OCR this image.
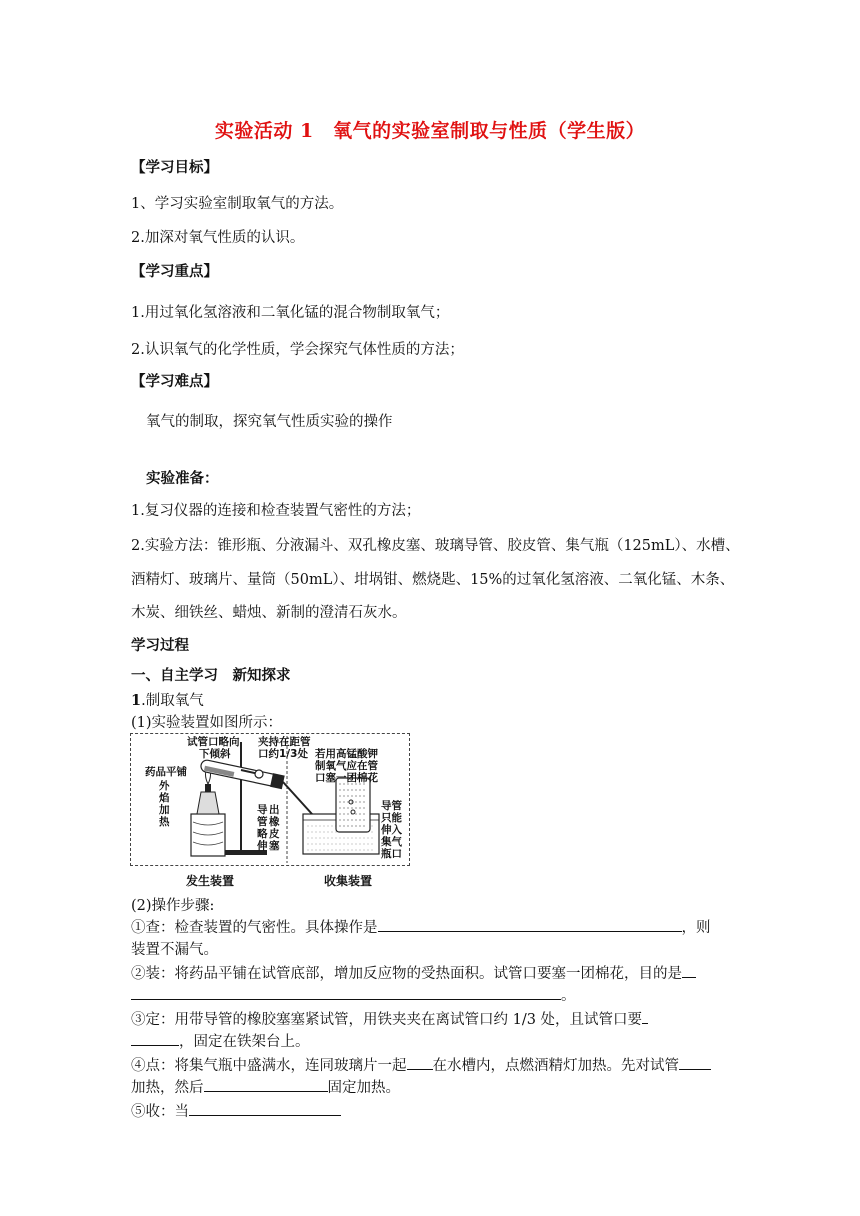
实验活动 1　氧气的实验室制取与性质（学生版）
【学习目标】
1、学习实验室制取氧气的方法。
2.加深对氧气性质的认识。
【学习重点】
1.用过氧化氢溶液和二氧化锰的混合物制取氧气；
2.认识氧气的化学性质，学会探究气体性质的方法；
【学习难点】
氧气的制取，探究氧气性质实验的操作
实验准备：
1.复习仪器的连接和检查装置气密性的方法；
2.实验方法：锥形瓶、分液漏斗、双孔橡皮塞、玻璃导管、胶皮管、集气瓶（125mL）、水槽、
酒精灯、玻璃片、量筒（50mL）、坩埚钳、燃烧匙、15%的过氧化氢溶液、二氧化锰、木条、
木炭、细铁丝、蜡烛、新制的澄清石灰水。
学习过程
一、自主学习　新知探求
1.制取氧气
(1)实验装置如图所示：
试管口略向
下倾斜
夹持在距管
口约1/3处 若用高锰酸钾
制氧气应在管
口塞一团棉花
药品平铺
外
焰
加
热
导
管
略
伸
出
橡
皮
塞
导管
只能
伸入
集气
瓶口
发生装置	收集装置
(2)操作步骤:
①查：检查装置的气密性。具体操作是	，则
装置不漏气。
②装：将药品平铺在试管底部，增加反应物的受热面积。试管口要塞一团棉花，目的是
。
③定：用带导管的橡胶塞塞紧试管，用铁夹夹在离试管口约 1/3 处，且试管口要
，固定在铁架台上。
④点：将集气瓶中盛满水，连同玻璃片一起 在水槽内，点燃酒精灯加热。先对试管
加热，然后	固定加热。
⑤收：当
